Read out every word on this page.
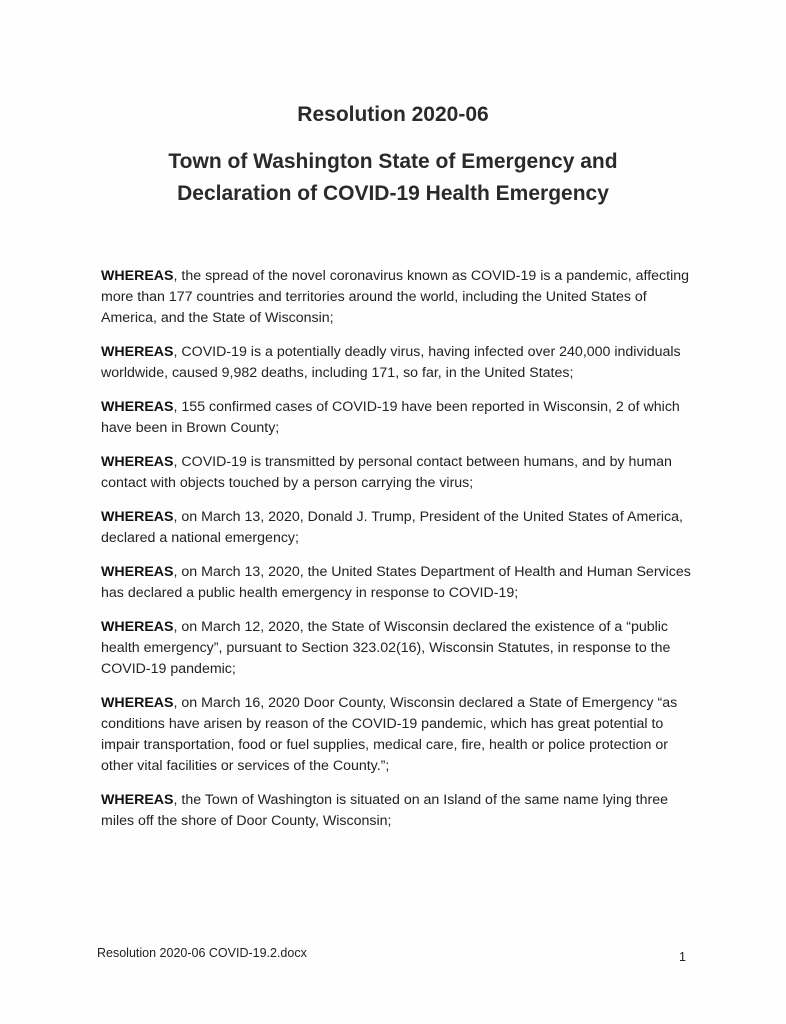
Resolution 2020-06
Town of Washington State of Emergency and
Declaration of COVID-19 Health Emergency

WHEREAS, the spread of the novel coronavirus known as COVID-19 is a pandemic, affecting more than 177 countries and territories around the world, including the United States of America, and the State of Wisconsin;

WHEREAS, COVID-19 is a potentially deadly virus, having infected over 240,000 individuals worldwide, caused 9,982 deaths, including 171, so far, in the United States;

WHEREAS, 155 confirmed cases of COVID-19 have been reported in Wisconsin, 2 of which have been in Brown County;

WHEREAS, COVID-19 is transmitted by personal contact between humans, and by human contact with objects touched by a person carrying the virus;

WHEREAS, on March 13, 2020, Donald J. Trump, President of the United States of America, declared a national emergency;

WHEREAS, on March 13, 2020, the United States Department of Health and Human Services has declared a public health emergency in response to COVID-19;

WHEREAS, on March 12, 2020, the State of Wisconsin declared the existence of a “public health emergency”, pursuant to Section 323.02(16), Wisconsin Statutes, in response to the COVID-19 pandemic;

WHEREAS, on March 16, 2020 Door County, Wisconsin declared a State of Emergency “as conditions have arisen by reason of the COVID-19 pandemic, which has great potential to impair transportation, food or fuel supplies, medical care, fire, health or police protection or other vital facilities or services of the County.”;

WHEREAS, the Town of Washington is situated on an Island of the same name lying three miles off the shore of Door County, Wisconsin;

Resolution 2020-06 COVID-19.2.docx	1
